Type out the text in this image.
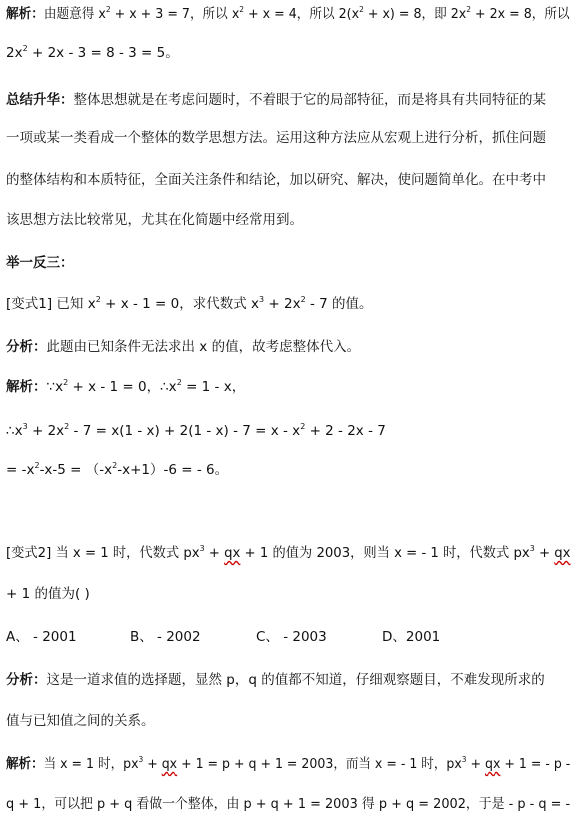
解析：由题意得 $x^2 + x + 3 = 7$，所以 $x^2 + x = 4$，所以 $2(x^2 + x) = 8$，即 $2x^2 + 2x = 8$，所以
$2x^2 + 2x - 3 = 8 - 3 = 5$。
总结升华：整体思想就是在考虑问题时，不着眼于它的局部特征，而是将具有共同特征的某
一项或某一类看成一个整体的数学思想方法。运用这种方法应从宏观上进行分析，抓住问题
的整体结构和本质特征，全面关注条件和结论，加以研究、解决，使问题简单化。在中考中
该思想方法比较常见，尤其在化简题中经常用到。
举一反三：
[变式1] 已知 $x^2 + x - 1 = 0$，求代数式 $x^3 + 2x^2 - 7$ 的值。
分析：此题由已知条件无法求出 x 的值，故考虑整体代入。
解析：$\because x^2 + x - 1 = 0$，$\therefore x^2 = 1 - x$，
$\therefore x^3 + 2x^2 - 7 = x(1 - x) + 2(1 - x) - 7 = x - x^2 + 2 - 2x - 7$
= $-x^2-x-5 = (-x^2-x+1)-6$ = - 6。
[变式2] 当 x = 1 时，代数式 $px^3$ + qx + 1 的值为 2003，则当 x = - 1 时，代数式 $px^3$ + qx
+ 1 的值为( )
A、 - 2001	B、 - 2002	C、 - 2003	D、2001
分析：这是一道求值的选择题，显然 p，q 的值都不知道，仔细观察题目，不难发现所求的
值与已知值之间的关系。
解析：当 x = 1 时，$px^3$ + qx + 1 = p + q + 1 = 2003，而当 x = - 1 时，$px^3$ + qx + 1 = - p -
q + 1，可以把 p + q 看做一个整体，由 p + q + 1 = 2003 得 p + q = 2002，于是 - p - q = -
